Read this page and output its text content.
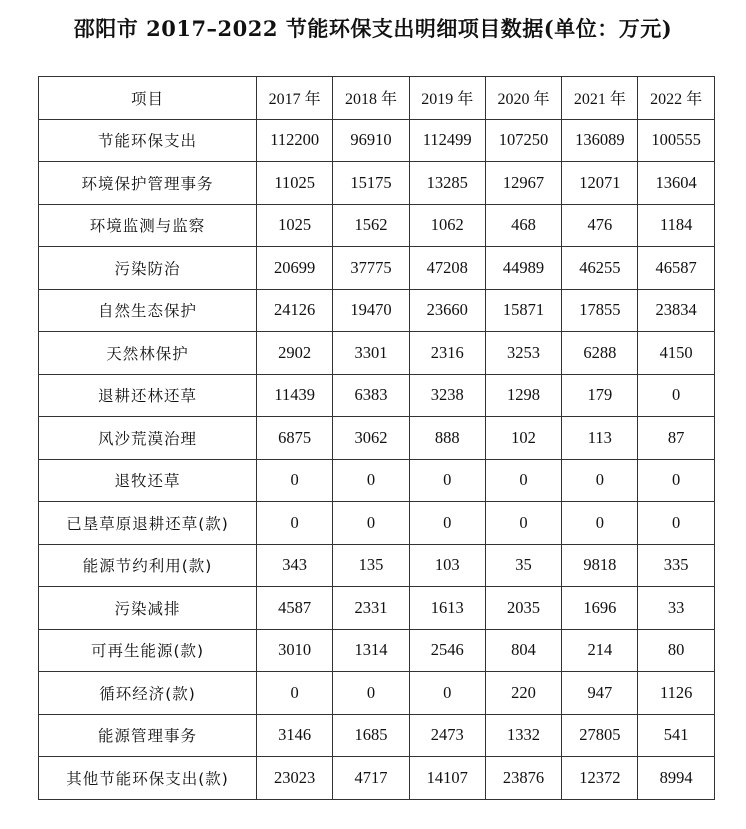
邵阳市 2017–2022 节能环保支出明细项目数据(单位：万元)
项目	2017 年	2018 年	2019 年	2020 年	2021 年	2022 年
节能环保支出	112200	96910	112499	107250	136089	100555
环境保护管理事务	11025	15175	13285	12967	12071	13604
环境监测与监察	1025	1562	1062	468	476	1184
污染防治	20699	37775	47208	44989	46255	46587
自然生态保护	24126	19470	23660	15871	17855	23834
天然林保护	2902	3301	2316	3253	6288	4150
退耕还林还草	11439	6383	3238	1298	179	0
风沙荒漠治理	6875	3062	888	102	113	87
退牧还草	0	0	0	0	0	0
已垦草原退耕还草(款)	0	0	0	0	0	0
能源节约利用(款)	343	135	103	35	9818	335
污染减排	4587	2331	1613	2035	1696	33
可再生能源(款)	3010	1314	2546	804	214	80
循环经济(款)	0	0	0	220	947	1126
能源管理事务	3146	1685	2473	1332	27805	541
其他节能环保支出(款)	23023	4717	14107	23876	12372	8994
